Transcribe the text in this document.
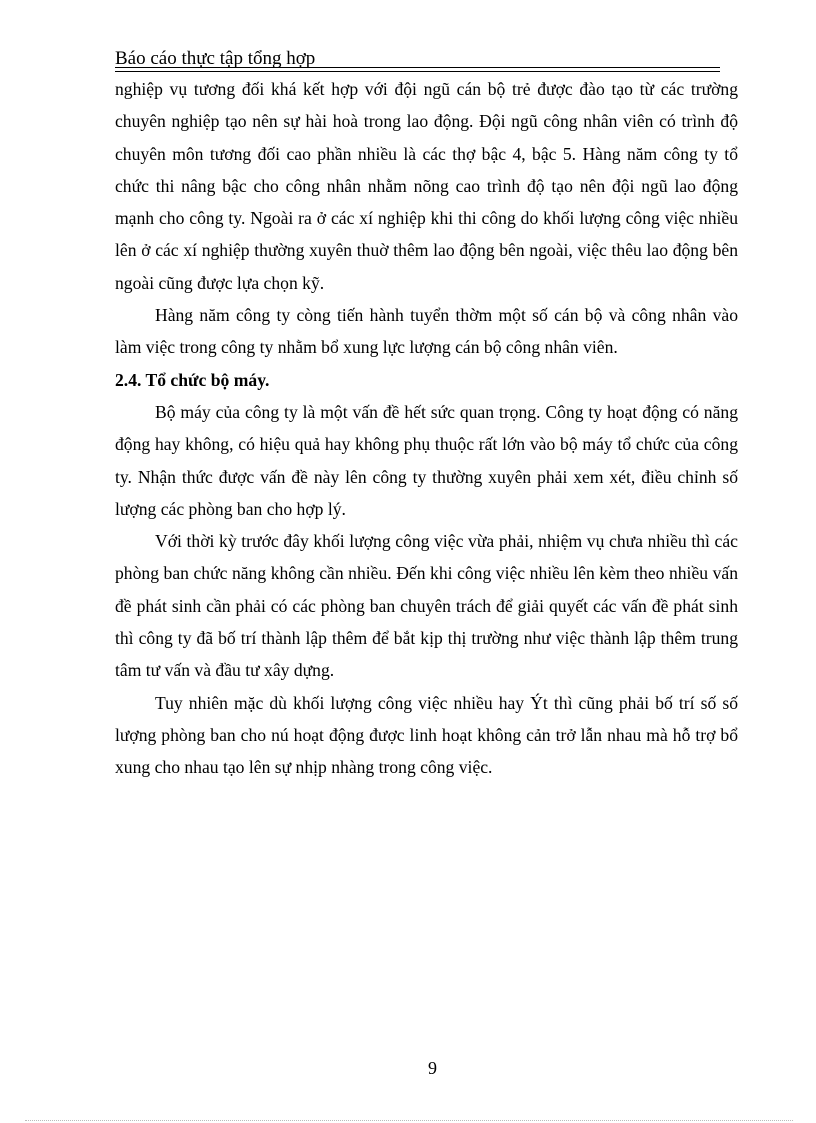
Báo cáo thực tập tổng hợp

nghiệp vụ tương đối khá kết hợp với đội ngũ cán bộ trẻ được đào tạo từ các trường chuyên nghiệp tạo nên sự hài hoà trong lao động. Đội ngũ công nhân viên có trình độ chuyên môn tương đối cao phần nhiều là các thợ bậc 4, bậc 5. Hàng năm công ty tổ chức thi nâng bậc cho công nhân nhằm nõng cao trình độ tạo nên đội ngũ lao động mạnh cho công ty. Ngoài ra ở các xí nghiệp khi thi công do khối lượng công việc nhiều lên ở các xí nghiệp thường xuyên thuờ thêm lao động bên ngoài, việc thêu lao động bên ngoài cũng được lựa chọn kỹ.

Hàng năm công ty còng tiến hành tuyển thờm một số cán bộ và công nhân vào làm việc trong công ty nhằm bổ xung lực lượng cán bộ công nhân viên.

2.4. Tổ chức bộ máy.

Bộ máy của công ty là một vấn đề hết sức quan trọng. Công ty hoạt động có năng động hay không, có hiệu quả hay không phụ thuộc rất lớn vào bộ máy tổ chức của công ty. Nhận thức được vấn đề này lên công ty thường xuyên phải xem xét, điều chỉnh số lượng các phòng ban cho hợp lý.

Với thời kỳ trước đây khối lượng công việc vừa phải, nhiệm vụ chưa nhiều thì các phòng ban chức năng không cần nhiều. Đến khi công việc nhiều lên kèm theo nhiều vấn đề phát sinh cần phải có các phòng ban chuyên trách để giải quyết các vấn đề phát sinh thì công ty đã bố trí thành lập thêm để bắt kịp thị trường như việc thành lập thêm trung tâm tư vấn và đầu tư xây dựng.

Tuy nhiên mặc dù khối lượng công việc nhiều hay Ýt thì cũng phải bố trí số số lượng phòng ban cho nú hoạt động được linh hoạt không cản trở lẫn nhau mà hỗ trợ bổ xung cho nhau tạo lên sự nhịp nhàng trong công việc.

9
